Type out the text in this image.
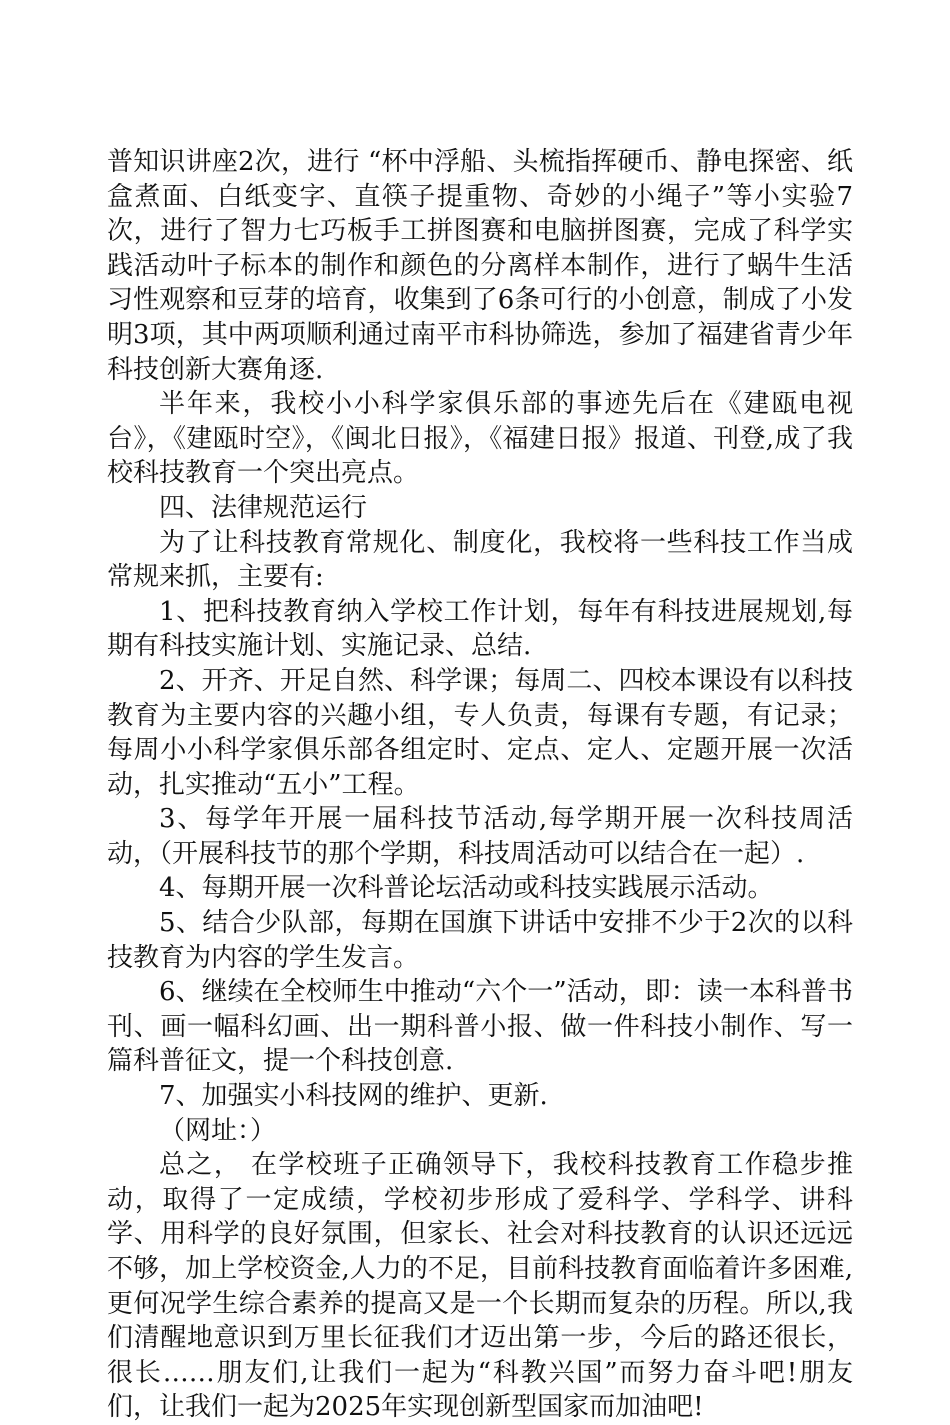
普知识讲座2次，进行 “杯中浮船、头梳指挥硬币、静电探密、纸盒煮面、白纸变字、直筷子提重物、奇妙的小绳子”等小实验7次，进行了智力七巧板手工拼图赛和电脑拼图赛，完成了科学实践活动叶子标本的制作和颜色的分离样本制作，进行了蜗牛生活习性观察和豆芽的培育，收集到了6条可行的小创意，制成了小发明3项，其中两项顺利通过南平市科协筛选，参加了福建省青少年科技创新大赛角逐.

半年来，我校小小科学家俱乐部的事迹先后在《建瓯电视台》，《建瓯时空》，《闽北日报》，《福建日报》报道、刊登,成了我校科技教育一个突出亮点。

四、法律规范运行

为了让科技教育常规化、制度化，我校将一些科技工作当成常规来抓，主要有:

1、把科技教育纳入学校工作计划，每年有科技进展规划,每期有科技实施计划、实施记录、总结.

2、开齐、开足自然、科学课；每周二、四校本课设有以科技教育为主要内容的兴趣小组，专人负责，每课有专题，有记录；每周小小科学家俱乐部各组定时、定点、定人、定题开展一次活动，扎实推动“五小”工程。

3、每学年开展一届科技节活动,每学期开展一次科技周活动，（开展科技节的那个学期，科技周活动可以结合在一起）.

4、每期开展一次科普论坛活动或科技实践展示活动。

5、结合少队部，每期在国旗下讲话中安排不少于2次的以科技教育为内容的学生发言。

6、继续在全校师生中推动“六个一”活动，即：读一本科普书刊、画一幅科幻画、出一期科普小报、做一件科技小制作、写一篇科普征文，提一个科技创意.

7、加强实小科技网的维护、更新.

（网址：）

总之， 在学校班子正确领导下，我校科技教育工作稳步推动，取得了一定成绩，学校初步形成了爱科学、学科学、讲科学、用科学的良好氛围，但家长、社会对科技教育的认识还远远不够，加上学校资金,人力的不足，目前科技教育面临着许多困难,更何况学生综合素养的提高又是一个长期而复杂的历程。所以,我们清醒地意识到万里长征我们才迈出第一步，今后的路还很长，很长……朋友们,让我们一起为“科教兴国”而努力奋斗吧!朋友们，让我们一起为2025年实现创新型国家而加油吧!
